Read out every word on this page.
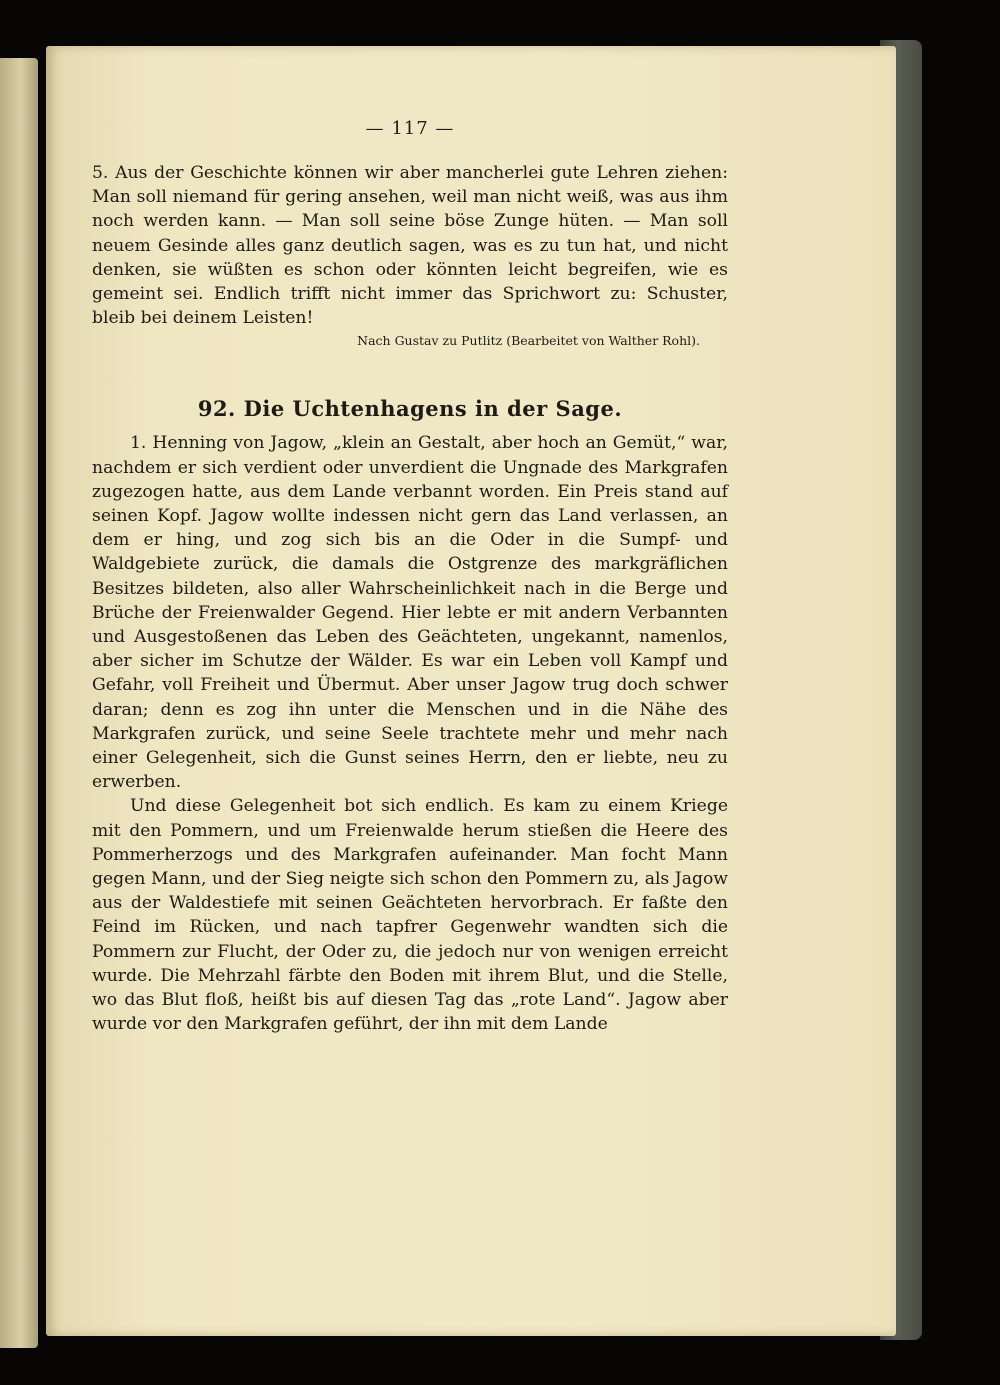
— 117 —

5. Aus der Geschichte können wir aber mancherlei gute Lehren ziehen: Man soll niemand für gering ansehen, weil man nicht weiß, was aus ihm noch werden kann. — Man soll seine böse Zunge hüten. — Man soll neuem Gesinde alles ganz deutlich sagen, was es zu tun hat, und nicht denken, sie wüßten es schon oder könnten leicht begreifen, wie es gemeint sei. Endlich trifft nicht immer das Sprichwort zu: Schuster, bleib bei deinem Leisten!

Nach Gustav zu Putlitz (Bearbeitet von Walther Rohl).
92. Die Uchtenhagens in der Sage.

1. Henning von Jagow, „klein an Gestalt, aber hoch an Gemüt,“ war, nachdem er sich verdient oder unverdient die Ungnade des Markgrafen zugezogen hatte, aus dem Lande verbannt worden. Ein Preis stand auf seinen Kopf. Jagow wollte indessen nicht gern das Land verlassen, an dem er hing, und zog sich bis an die Oder in die Sumpf- und Waldgebiete zurück, die damals die Ostgrenze des markgräflichen Besitzes bildeten, also aller Wahrscheinlichkeit nach in die Berge und Brüche der Freienwalder Gegend. Hier lebte er mit andern Verbannten und Ausgestoßenen das Leben des Geächteten, ungekannt, namenlos, aber sicher im Schutze der Wälder. Es war ein Leben voll Kampf und Gefahr, voll Freiheit und Übermut. Aber unser Jagow trug doch schwer daran; denn es zog ihn unter die Menschen und in die Nähe des Markgrafen zurück, und seine Seele trachtete mehr und mehr nach einer Gelegenheit, sich die Gunst seines Herrn, den er liebte, neu zu erwerben.

Und diese Gelegenheit bot sich endlich. Es kam zu einem Kriege mit den Pommern, und um Freienwalde herum stießen die Heere des Pommerherzogs und des Markgrafen aufeinander. Man focht Mann gegen Mann, und der Sieg neigte sich schon den Pommern zu, als Jagow aus der Waldestiefe mit seinen Geächteten hervorbrach. Er faßte den Feind im Rücken, und nach tapfrer Gegenwehr wandten sich die Pommern zur Flucht, der Oder zu, die jedoch nur von wenigen erreicht wurde. Die Mehrzahl färbte den Boden mit ihrem Blut, und die Stelle, wo das Blut floß, heißt bis auf diesen Tag das „rote Land“. Jagow aber wurde vor den Markgrafen geführt, der ihn mit dem Lande
